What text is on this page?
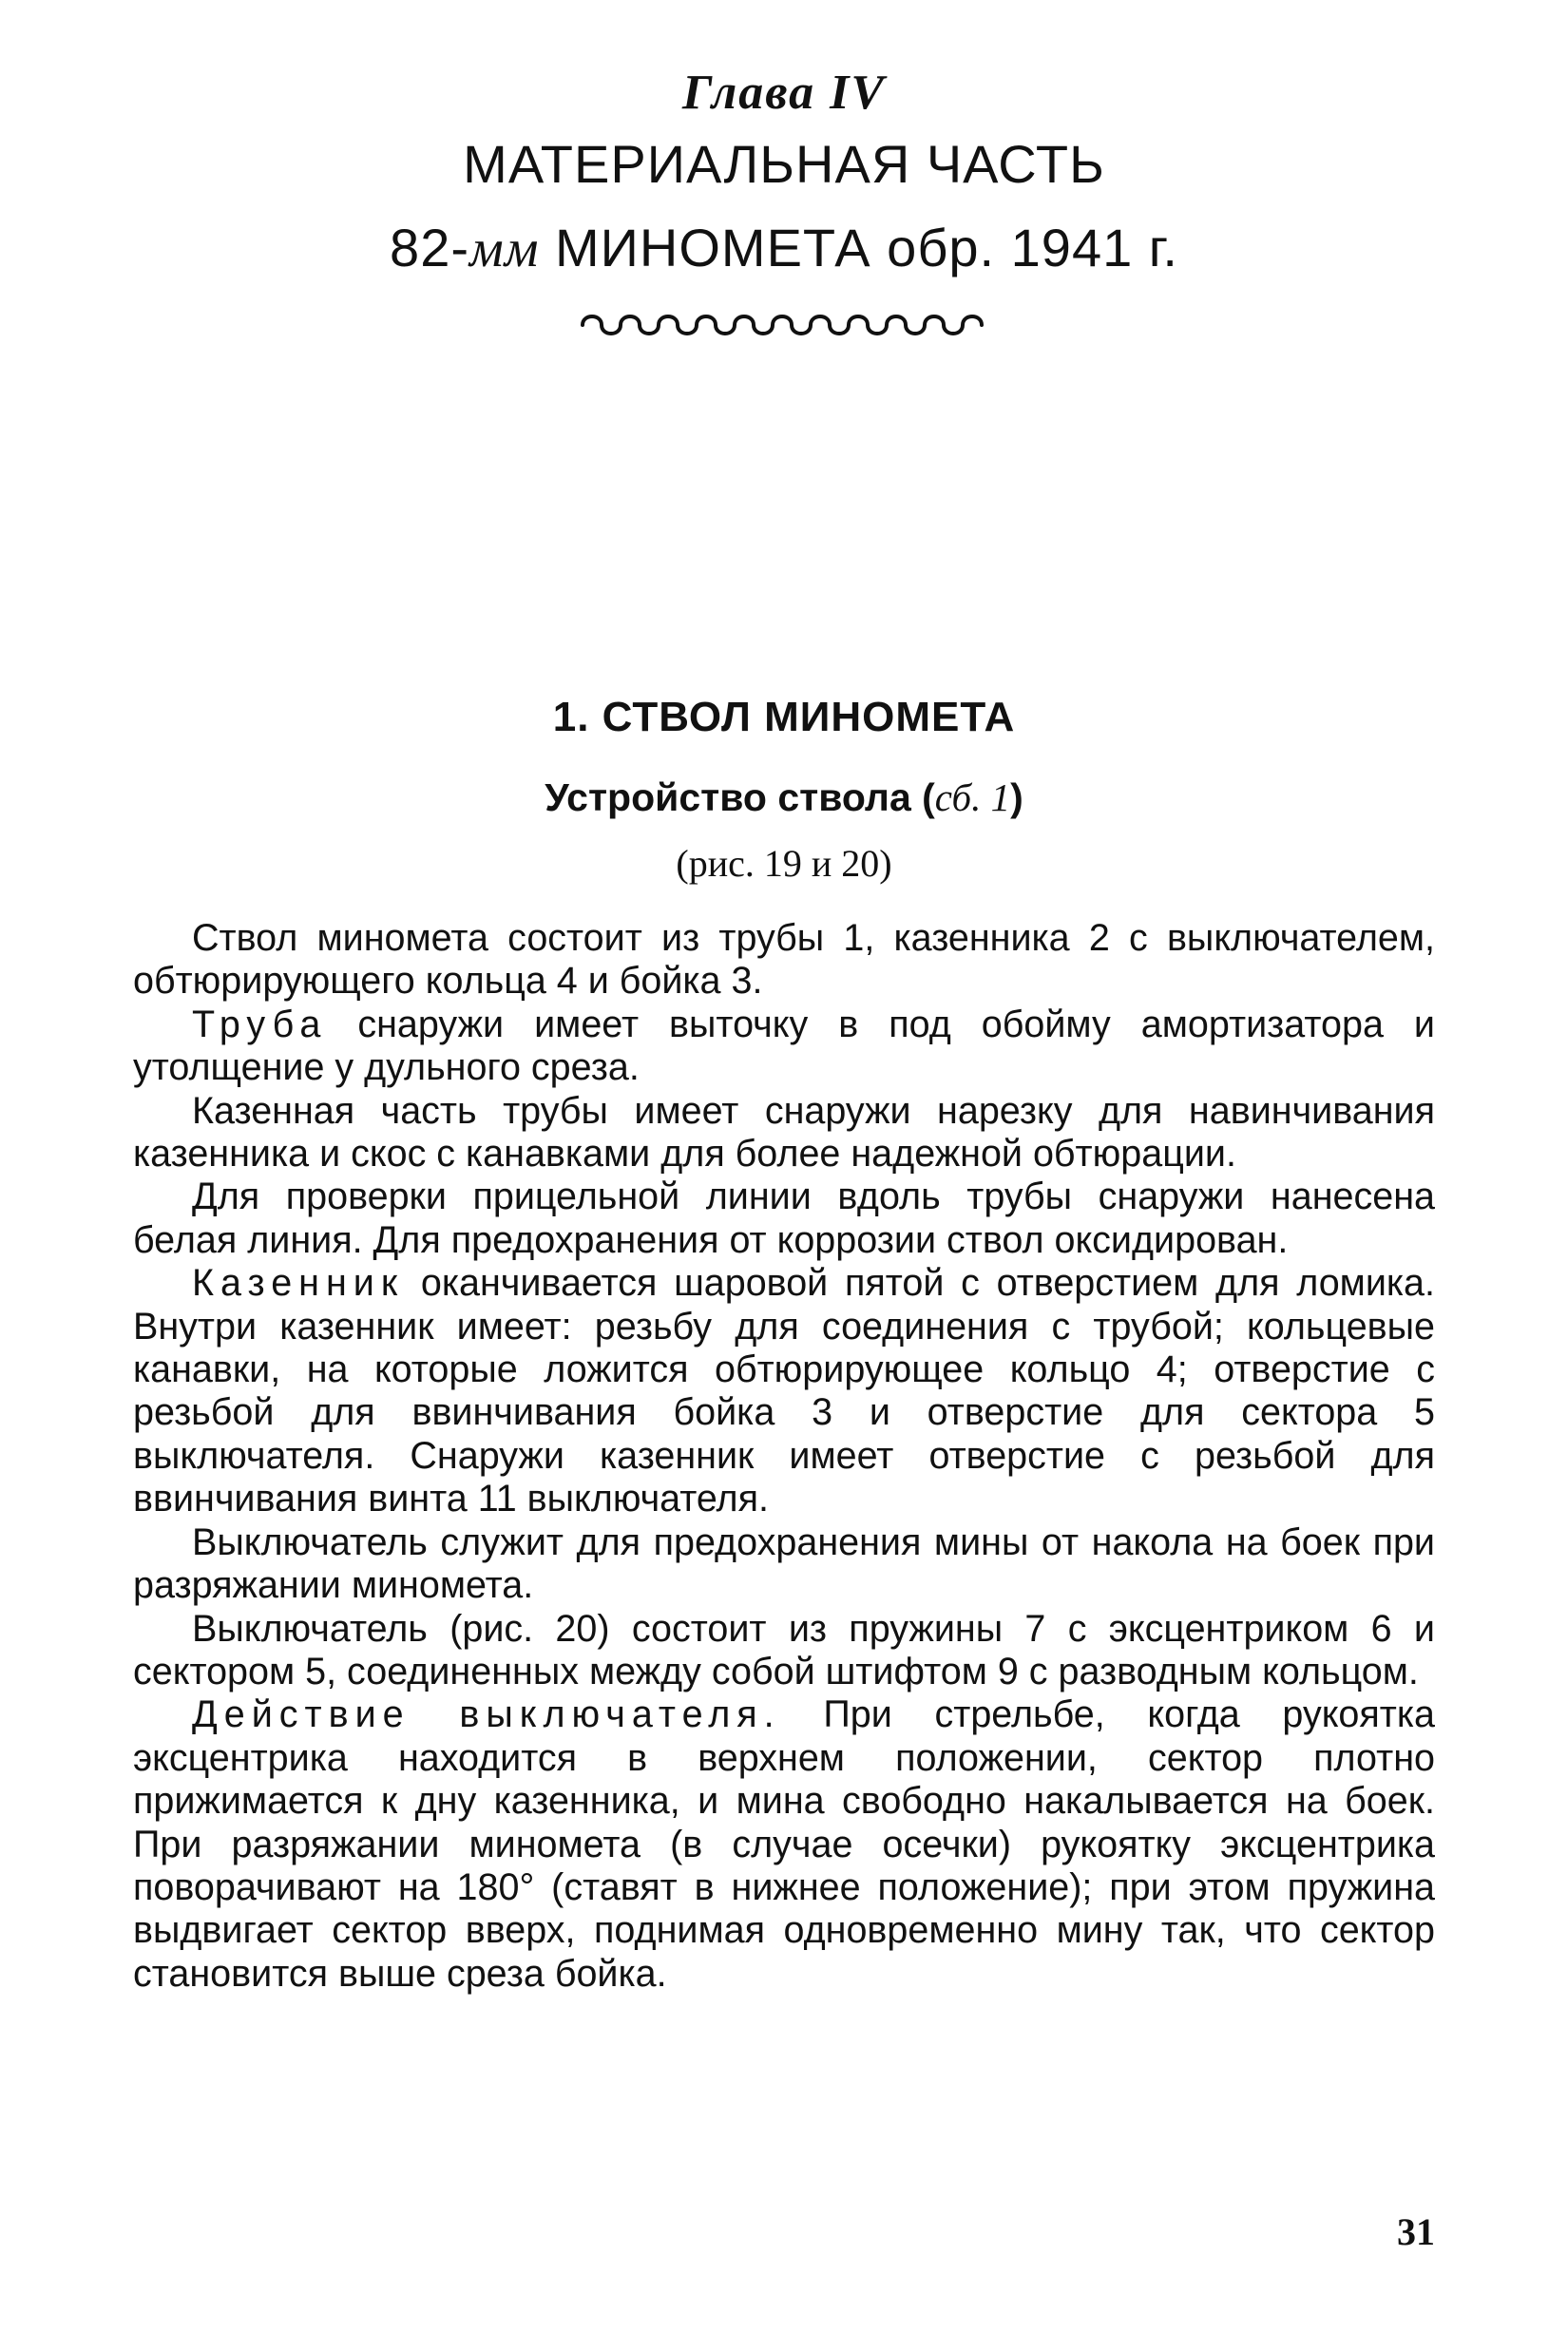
Глава IV
МАТЕРИАЛЬНАЯ ЧАСТЬ
82-мм МИНОМЕТА обр. 1941 г.
1. СТВОЛ МИНОМЕТА
Устройство ствола (сб. 1)
(рис. 19 и 20)

Ствол миномета состоит из трубы 1, казенника 2 с выключателем, обтюрирующего кольца 4 и бойка 3.

Труба снаружи имеет выточку в под обойму амортизатора и утолщение у дульного среза.

Казенная часть трубы имеет снаружи нарезку для навинчивания казенника и скос с канавками для более надежной обтюрации.

Для проверки прицельной линии вдоль трубы снаружи нанесена белая линия. Для предохранения от коррозии ствол оксидирован.

Казенник оканчивается шаровой пятой с отверстием для ломика. Внутри казенник имеет: резьбу для соединения с трубой; кольцевые канавки, на которые ложится обтюрирующее кольцо 4; отверстие с резьбой для ввинчивания бойка 3 и отверстие для сектора 5 выключателя. Снаружи казенник имеет отверстие с резьбой для ввинчивания винта 11 выключателя.

Выключатель служит для предохранения мины от накола на боек при разряжании миномета.

Выключатель (рис. 20) состоит из пружины 7 с эксцентриком 6 и сектором 5, соединенных между собой штифтом 9 с разводным кольцом.

Действие выключателя. При стрельбе, когда рукоятка эксцентрика находится в верхнем положении, сектор плотно прижимается к дну казенника, и мина свободно накалывается на боек. При разряжании миномета (в случае осечки) рукоятку эксцентрика поворачивают на 180° (ставят в нижнее положение); при этом пружина выдвигает сектор вверх, поднимая одновременно мину так, что сектор становится выше среза бойка.

31
